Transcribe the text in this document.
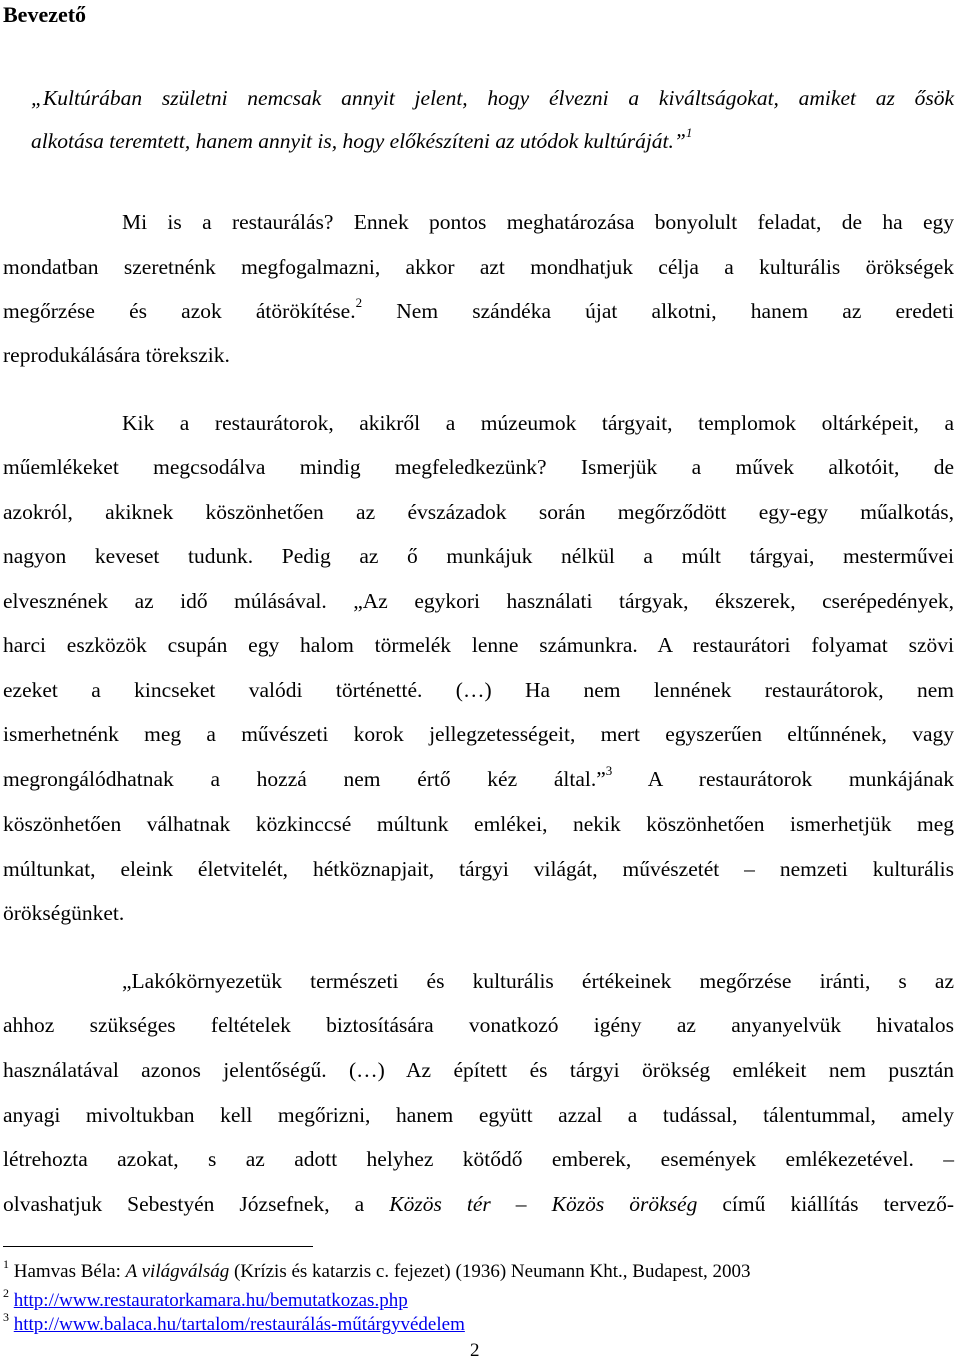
Bevezető
„Kultúrában születni nemcsak annyit jelent, hogy élvezni a kiváltságokat, amiket az ősök
alkotása teremtett, hanem annyit is, hogy előkészíteni az utódok kultúráját.”$^1$
Mi is a restaurálás? Ennek pontos meghatározása bonyolult feladat, de ha egy
mondatban szeretnénk megfogalmazni, akkor azt mondhatjuk célja a kulturális örökségek
megőrzése és azok átörökítése.$^2$ Nem szándéka újat alkotni, hanem az eredeti
reprodukálására törekszik.
Kik a restaurátorok, akikről a múzeumok tárgyait, templomok oltárképeit, a
műemlékeket megcsodálva mindig megfeledkezünk? Ismerjük a művek alkotóit, de
azokról, akiknek köszönhetően az évszázadok során megőrződött egy-egy műalkotás,
nagyon keveset tudunk. Pedig az ő munkájuk nélkül a múlt tárgyai, mesterművei
elvesznének az idő múlásával. „Az egykori használati tárgyak, ékszerek, cserépedények,
harci eszközök csupán egy halom törmelék lenne számunkra. A restaurátori folyamat szövi
ezeket a kincseket valódi történetté. (…) Ha nem lennének restaurátorok, nem
ismerhetnénk meg a művészeti korok jellegzetességeit, mert egyszerűen eltűnnének, vagy
megrongálódhatnak a hozzá nem értő kéz által.”$^3$ A restaurátorok munkájának
köszönhetően válhatnak közkinccsé múltunk emlékei, nekik köszönhetően ismerhetjük meg
múltunkat, eleink életvitelét, hétköznapjait, tárgyi világát, művészetét – nemzeti kulturális
örökségünket.
„Lakókörnyezetük természeti és kulturális értékeinek megőrzése iránti, s az
ahhoz szükséges feltételek biztosítására vonatkozó igény az anyanyelvük hivatalos
használatával azonos jelentőségű. (…) Az épített és tárgyi örökség emlékeit nem pusztán
anyagi mivoltukban kell megőrizni, hanem együtt azzal a tudással, tálentummal, amely
létrehozta azokat, s az adott helyhez kötődő emberek, események emlékezetével. –
olvashatjuk Sebestyén Józsefnek, a Közös tér – Közös örökség című kiállítás tervező-
$^1$ Hamvas Béla: A világválság (Krízis és katarzis c. fejezet) (1936) Neumann Kht., Budapest, 2003
$^2$ http://www.restauratorkamara.hu/bemutatkozas.php
$^3$ http://www.balaca.hu/tartalom/restaurálás-műtárgyvédelem
2
